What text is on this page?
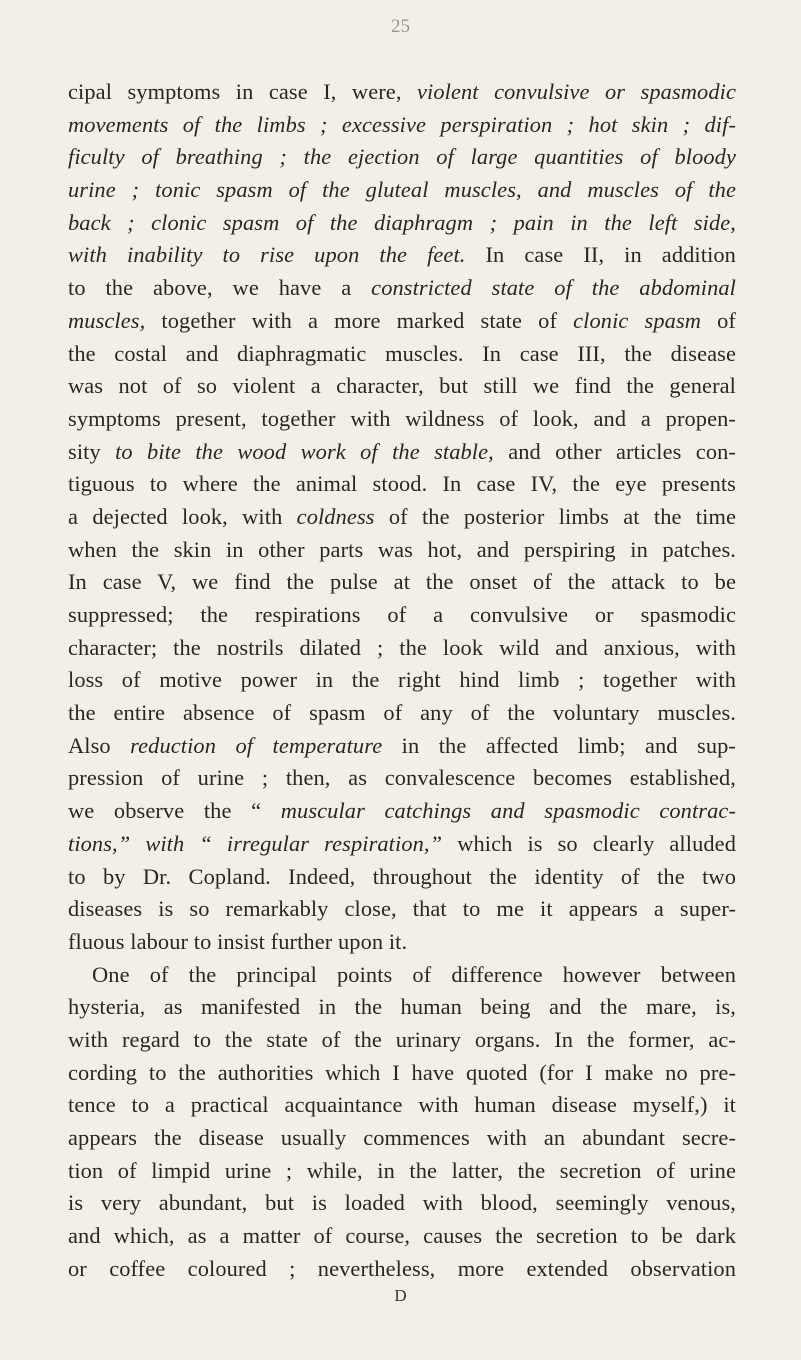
25
cipal symptoms in case I, were, violent convulsive or spasmodic
movements of the limbs ; excessive perspiration ; hot skin ; dif-
ficulty of breathing ; the ejection of large quantities of bloody
urine ; tonic spasm of the gluteal muscles, and muscles of the
back ; clonic spasm of the diaphragm ; pain in the left side,
with inability to rise upon the feet. In case II, in addition
to the above, we have a constricted state of the abdominal
muscles, together with a more marked state of clonic spasm of
the costal and diaphragmatic muscles. In case III, the disease
was not of so violent a character, but still we find the general
symptoms present, together with wildness of look, and a propen-
sity to bite the wood work of the stable, and other articles con-
tiguous to where the animal stood. In case IV, the eye presents
a dejected look, with coldness of the posterior limbs at the time
when the skin in other parts was hot, and perspiring in patches.
In case V, we find the pulse at the onset of the attack to be
suppressed; the respirations of a convulsive or spasmodic
character; the nostrils dilated ; the look wild and anxious, with
loss of motive power in the right hind limb ; together with
the entire absence of spasm of any of the voluntary muscles.
Also reduction of temperature in the affected limb; and sup-
pression of urine ; then, as convalescence becomes established,
we observe the “ muscular catchings and spasmodic contrac-
tions,” with “ irregular respiration,” which is so clearly alluded
to by Dr. Copland. Indeed, throughout the identity of the two
diseases is so remarkably close, that to me it appears a super-
fluous labour to insist further upon it.
One of the principal points of difference however between
hysteria, as manifested in the human being and the mare, is,
with regard to the state of the urinary organs. In the former, ac-
cording to the authorities which I have quoted (for I make no pre-
tence to a practical acquaintance with human disease myself,) it
appears the disease usually commences with an abundant secre-
tion of limpid urine ; while, in the latter, the secretion of urine
is very abundant, but is loaded with blood, seemingly venous,
and which, as a matter of course, causes the secretion to be dark
or coffee coloured ; nevertheless, more extended observation
D
